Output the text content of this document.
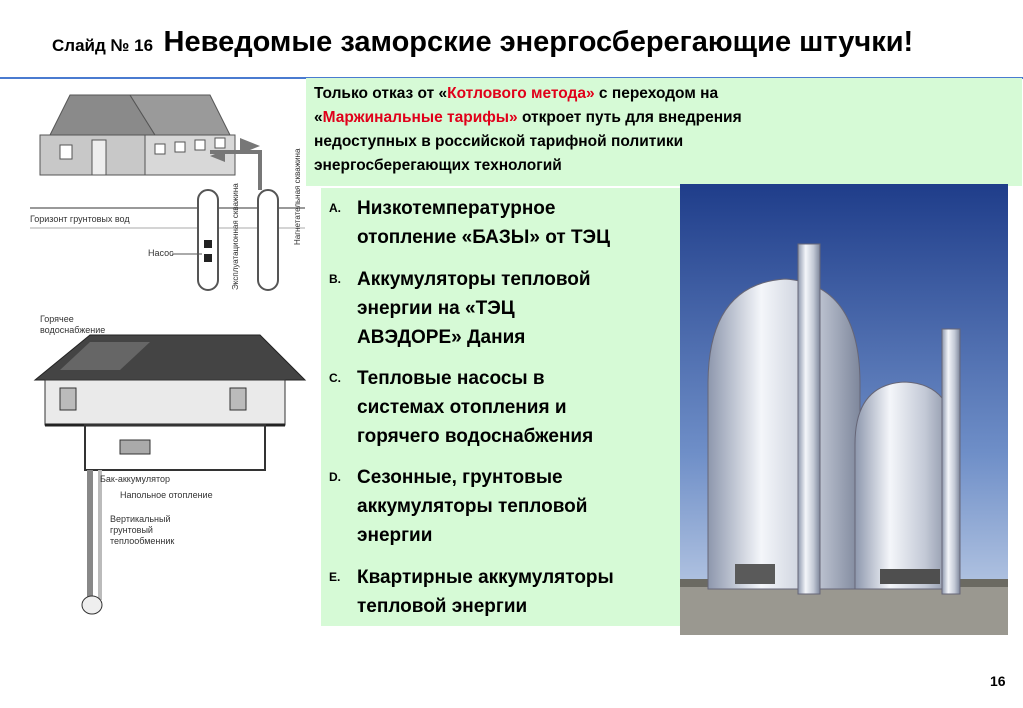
Слайд № 16 Неведомые заморские энергосберегающие штучки!
Горизонт грунтовых вод
Насос	Эксплуатационная скважина	Нагнетательная скважина
Горячее
водоснабжение
Бак-аккумулятор
Напольное отопление
Вертикальный
грунтовый
теплообменник
Только отказ от «Котлового метода» с переходом на
«Маржинальные тарифы» откроет путь для внедрения
недоступных в российской тарифной политики
энергосберегающих технологий
A. Низкотемпературное
отопление «БАЗЫ» от ТЭЦ
B. Аккумуляторы тепловой
энергии на «ТЭЦ
АВЭДОРЕ» Дания
C. Тепловые насосы в
системах отопления и
горячего водоснабжения
D. Сезонные, грунтовые
аккумуляторы тепловой
энергии
E. Квартирные аккумуляторы
тепловой энергии
16
